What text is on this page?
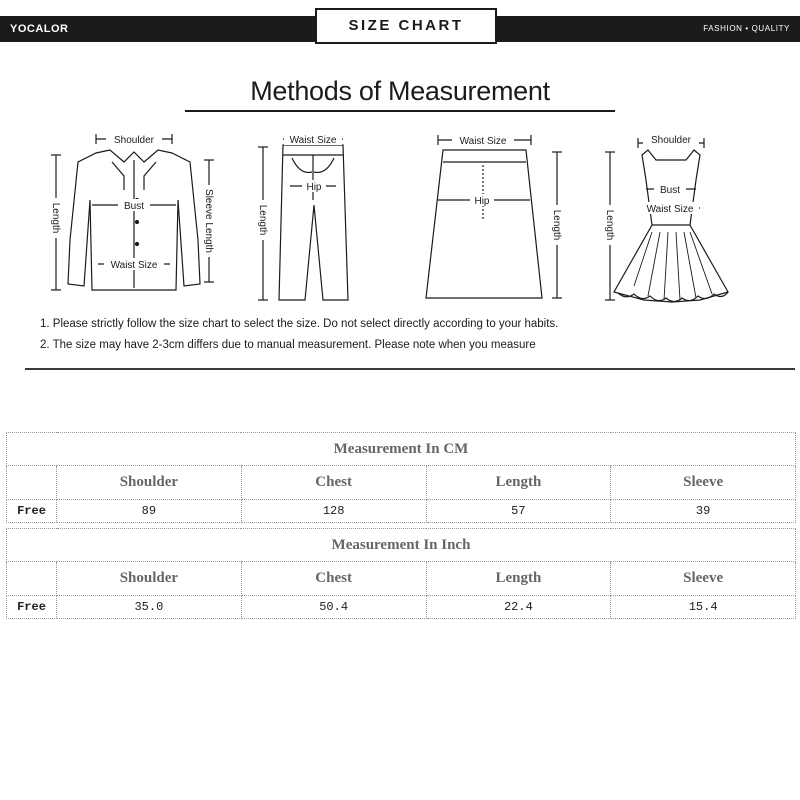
YOCALOR	FASHION • QUALITY
SIZE CHART
Methods of Measurement
Shoulder
Bust
Waist Size
Length	Sleeve Length
Waist Size
Hip
Length
Waist Size
Hip
Length
Shoulder
Bust
Waist Size
Length
1. Please strictly follow the size chart to select the size. Do not select directly according to your habits.
2. The size may have 2-3cm differs due to manual measurement. Please note when you measure
Measurement In CM				
	Shoulder	Chest	Length	Sleeve
Free	89	128	57	39
Measurement In Inch				
	Shoulder	Chest	Length	Sleeve
Free	35.0	50.4	22.4	15.4
